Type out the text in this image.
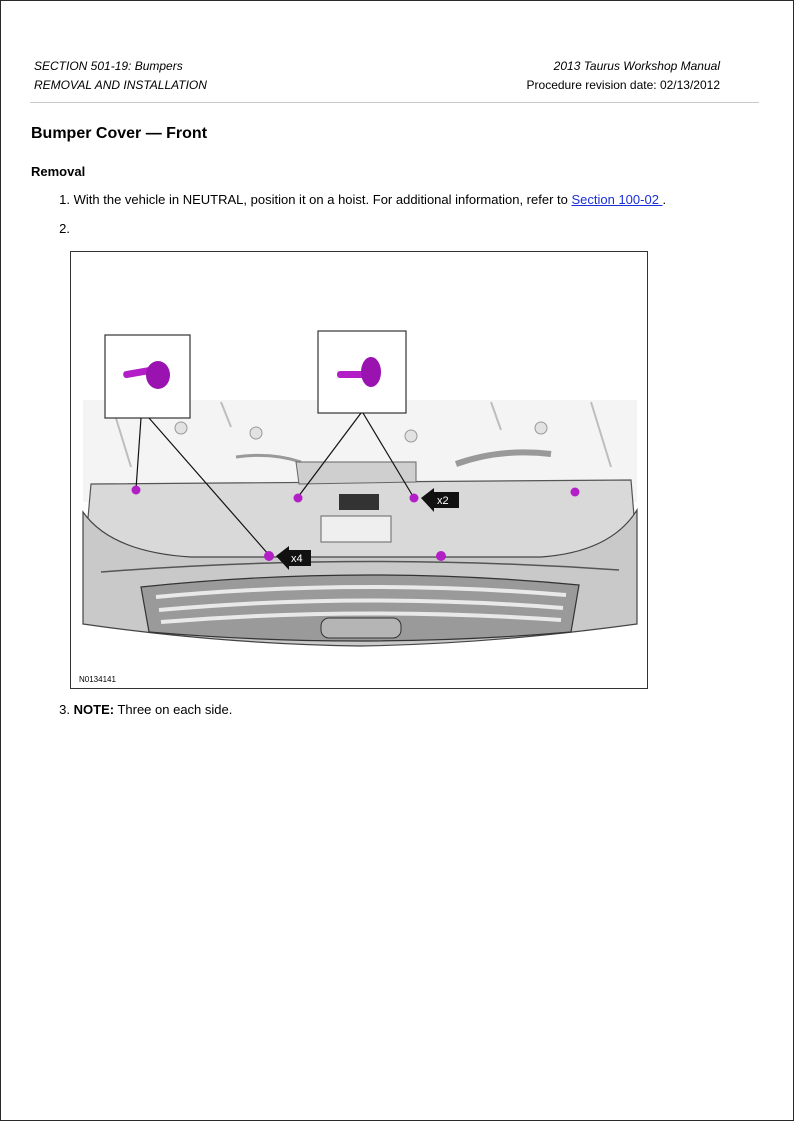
SECTION 501-19: Bumpers
REMOVAL AND INSTALLATION
2013 Taurus Workshop Manual
Procedure revision date: 02/13/2012
Bumper Cover — Front
Removal
1. With the vehicle in NEUTRAL, position it on a hoist. For additional information, refer to Section 100-02 .
2.
3. NOTE: Three on each side.
x4
x2
N0134141
